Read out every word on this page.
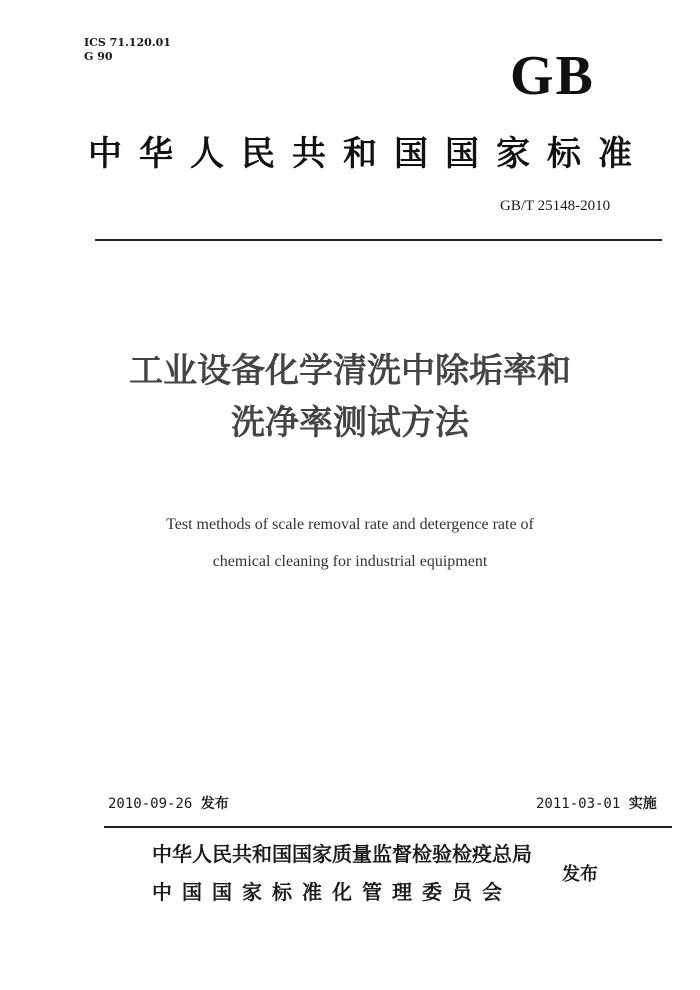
ICS 71.120.01
G 90	GB
中华人民共和国国家标准
GB/T 25148-2010
工业设备化学清洗中除垢率和
洗净率测试方法
Test methods of scale removal rate and detergence rate of
chemical cleaning for industrial equipment
2010-09-26 发布	2011-03-01 实施
中华人民共和国国家质量监督检验检疫总局
中国国家标准化管理委员会
发布
